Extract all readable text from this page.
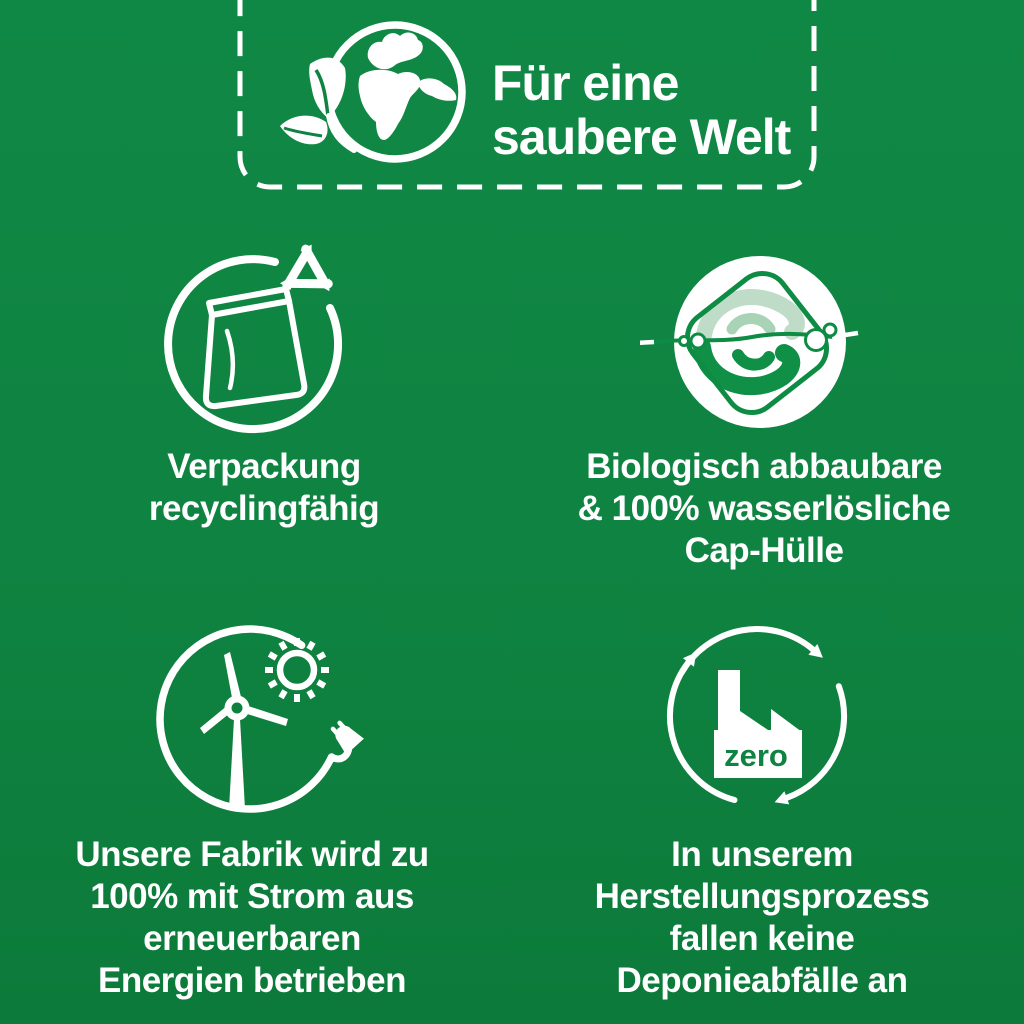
Für eine
saubere Welt
zero
Verpackung
recyclingfähig
Biologisch abbaubare
& 100% wasserlösliche
Cap-Hülle
Unsere Fabrik wird zu
100% mit Strom aus
erneuerbaren
Energien betrieben
In unserem
Herstellungsprozess
fallen keine
Deponieabfälle an
